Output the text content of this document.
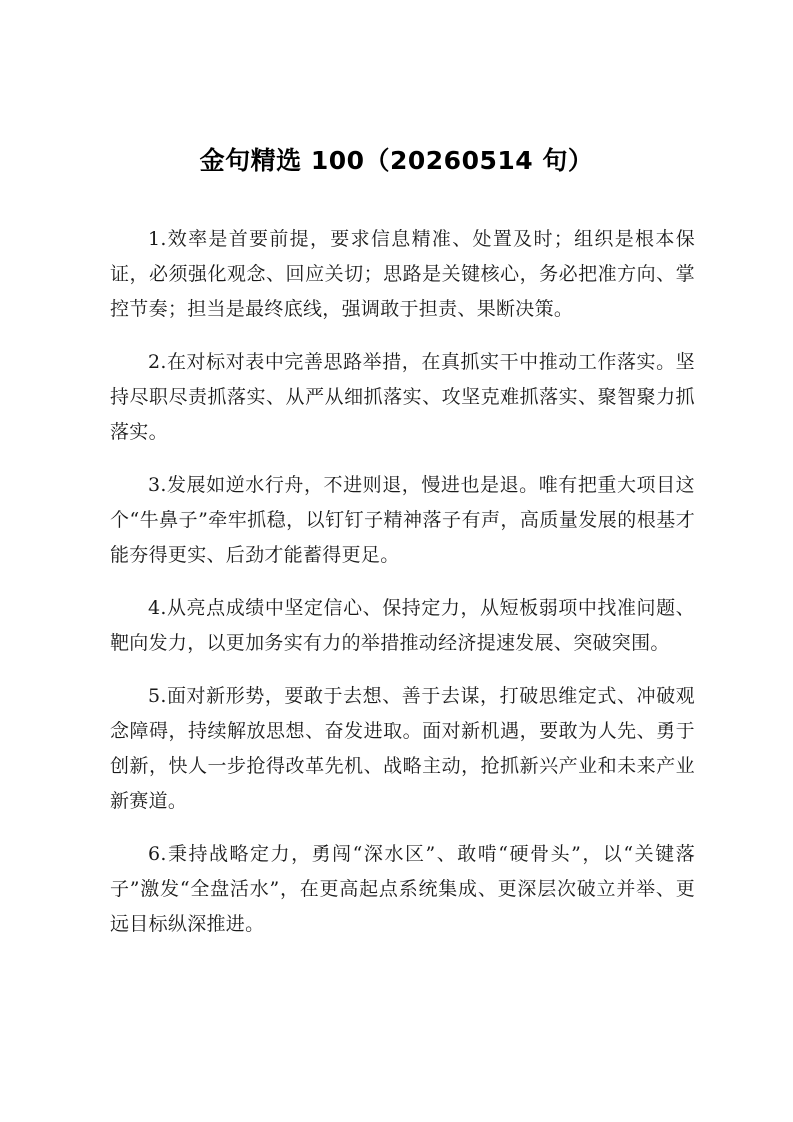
金句精选 100（20260514 句）

1.效率是首要前提，要求信息精准、处置及时；组织是根本保证，必须强化观念、回应关切；思路是关键核心，务必把准方向、掌控节奏；担当是最终底线，强调敢于担责、果断决策。

2.在对标对表中完善思路举措，在真抓实干中推动工作落实。坚持尽职尽责抓落实、从严从细抓落实、攻坚克难抓落实、聚智聚力抓落实。

3.发展如逆水行舟，不进则退，慢进也是退。唯有把重大项目这个“牛鼻子”牵牢抓稳，以钉钉子精神落子有声，高质量发展的根基才能夯得更实、后劲才能蓄得更足。

4.从亮点成绩中坚定信心、保持定力，从短板弱项中找准问题、靶向发力，以更加务实有力的举措推动经济提速发展、突破突围。

5.面对新形势，要敢于去想、善于去谋，打破思维定式、冲破观念障碍，持续解放思想、奋发进取。面对新机遇，要敢为人先、勇于创新，快人一步抢得改革先机、战略主动，抢抓新兴产业和未来产业新赛道。

6.秉持战略定力，勇闯“深水区”、敢啃“硬骨头”，以“关键落子”激发“全盘活水”，在更高起点系统集成、更深层次破立并举、更远目标纵深推进。
